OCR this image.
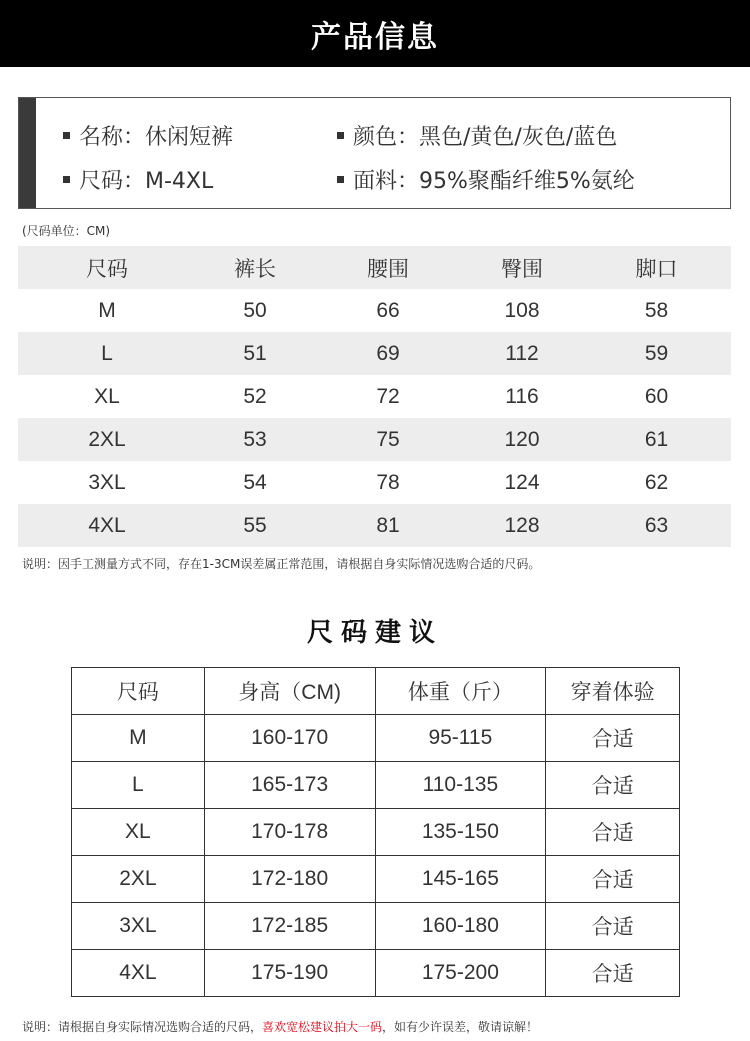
产品信息
名称：休闲短裤	颜色：黑色/黄色/灰色/蓝色
尺码：M-4XL	面料：95%聚酯纤维5%氨纶
(尺码单位：CM)
尺码	裤长	腰围	臀围	脚口
M	50	66	108	58
L	51	69	112	59
XL	52	72	116	60
2XL	53	75	120	61
3XL	54	78	124	62
4XL	55	81	128	63
说明：因手工测量方式不同，存在1-3CM误差属正常范围，请根据自身实际情况选购合适的尺码。
尺码建议
尺码	身高（CM)	体重（斤）	穿着体验
M	160-170	95-115	合适
L	165-173	110-135	合适
XL	170-178	135-150	合适
2XL	172-180	145-165	合适
3XL	172-185	160-180	合适
4XL	175-190	175-200	合适
说明：请根据自身实际情况选购合适的尺码，喜欢宽松建议拍大一码，如有少许误差，敬请谅解！
